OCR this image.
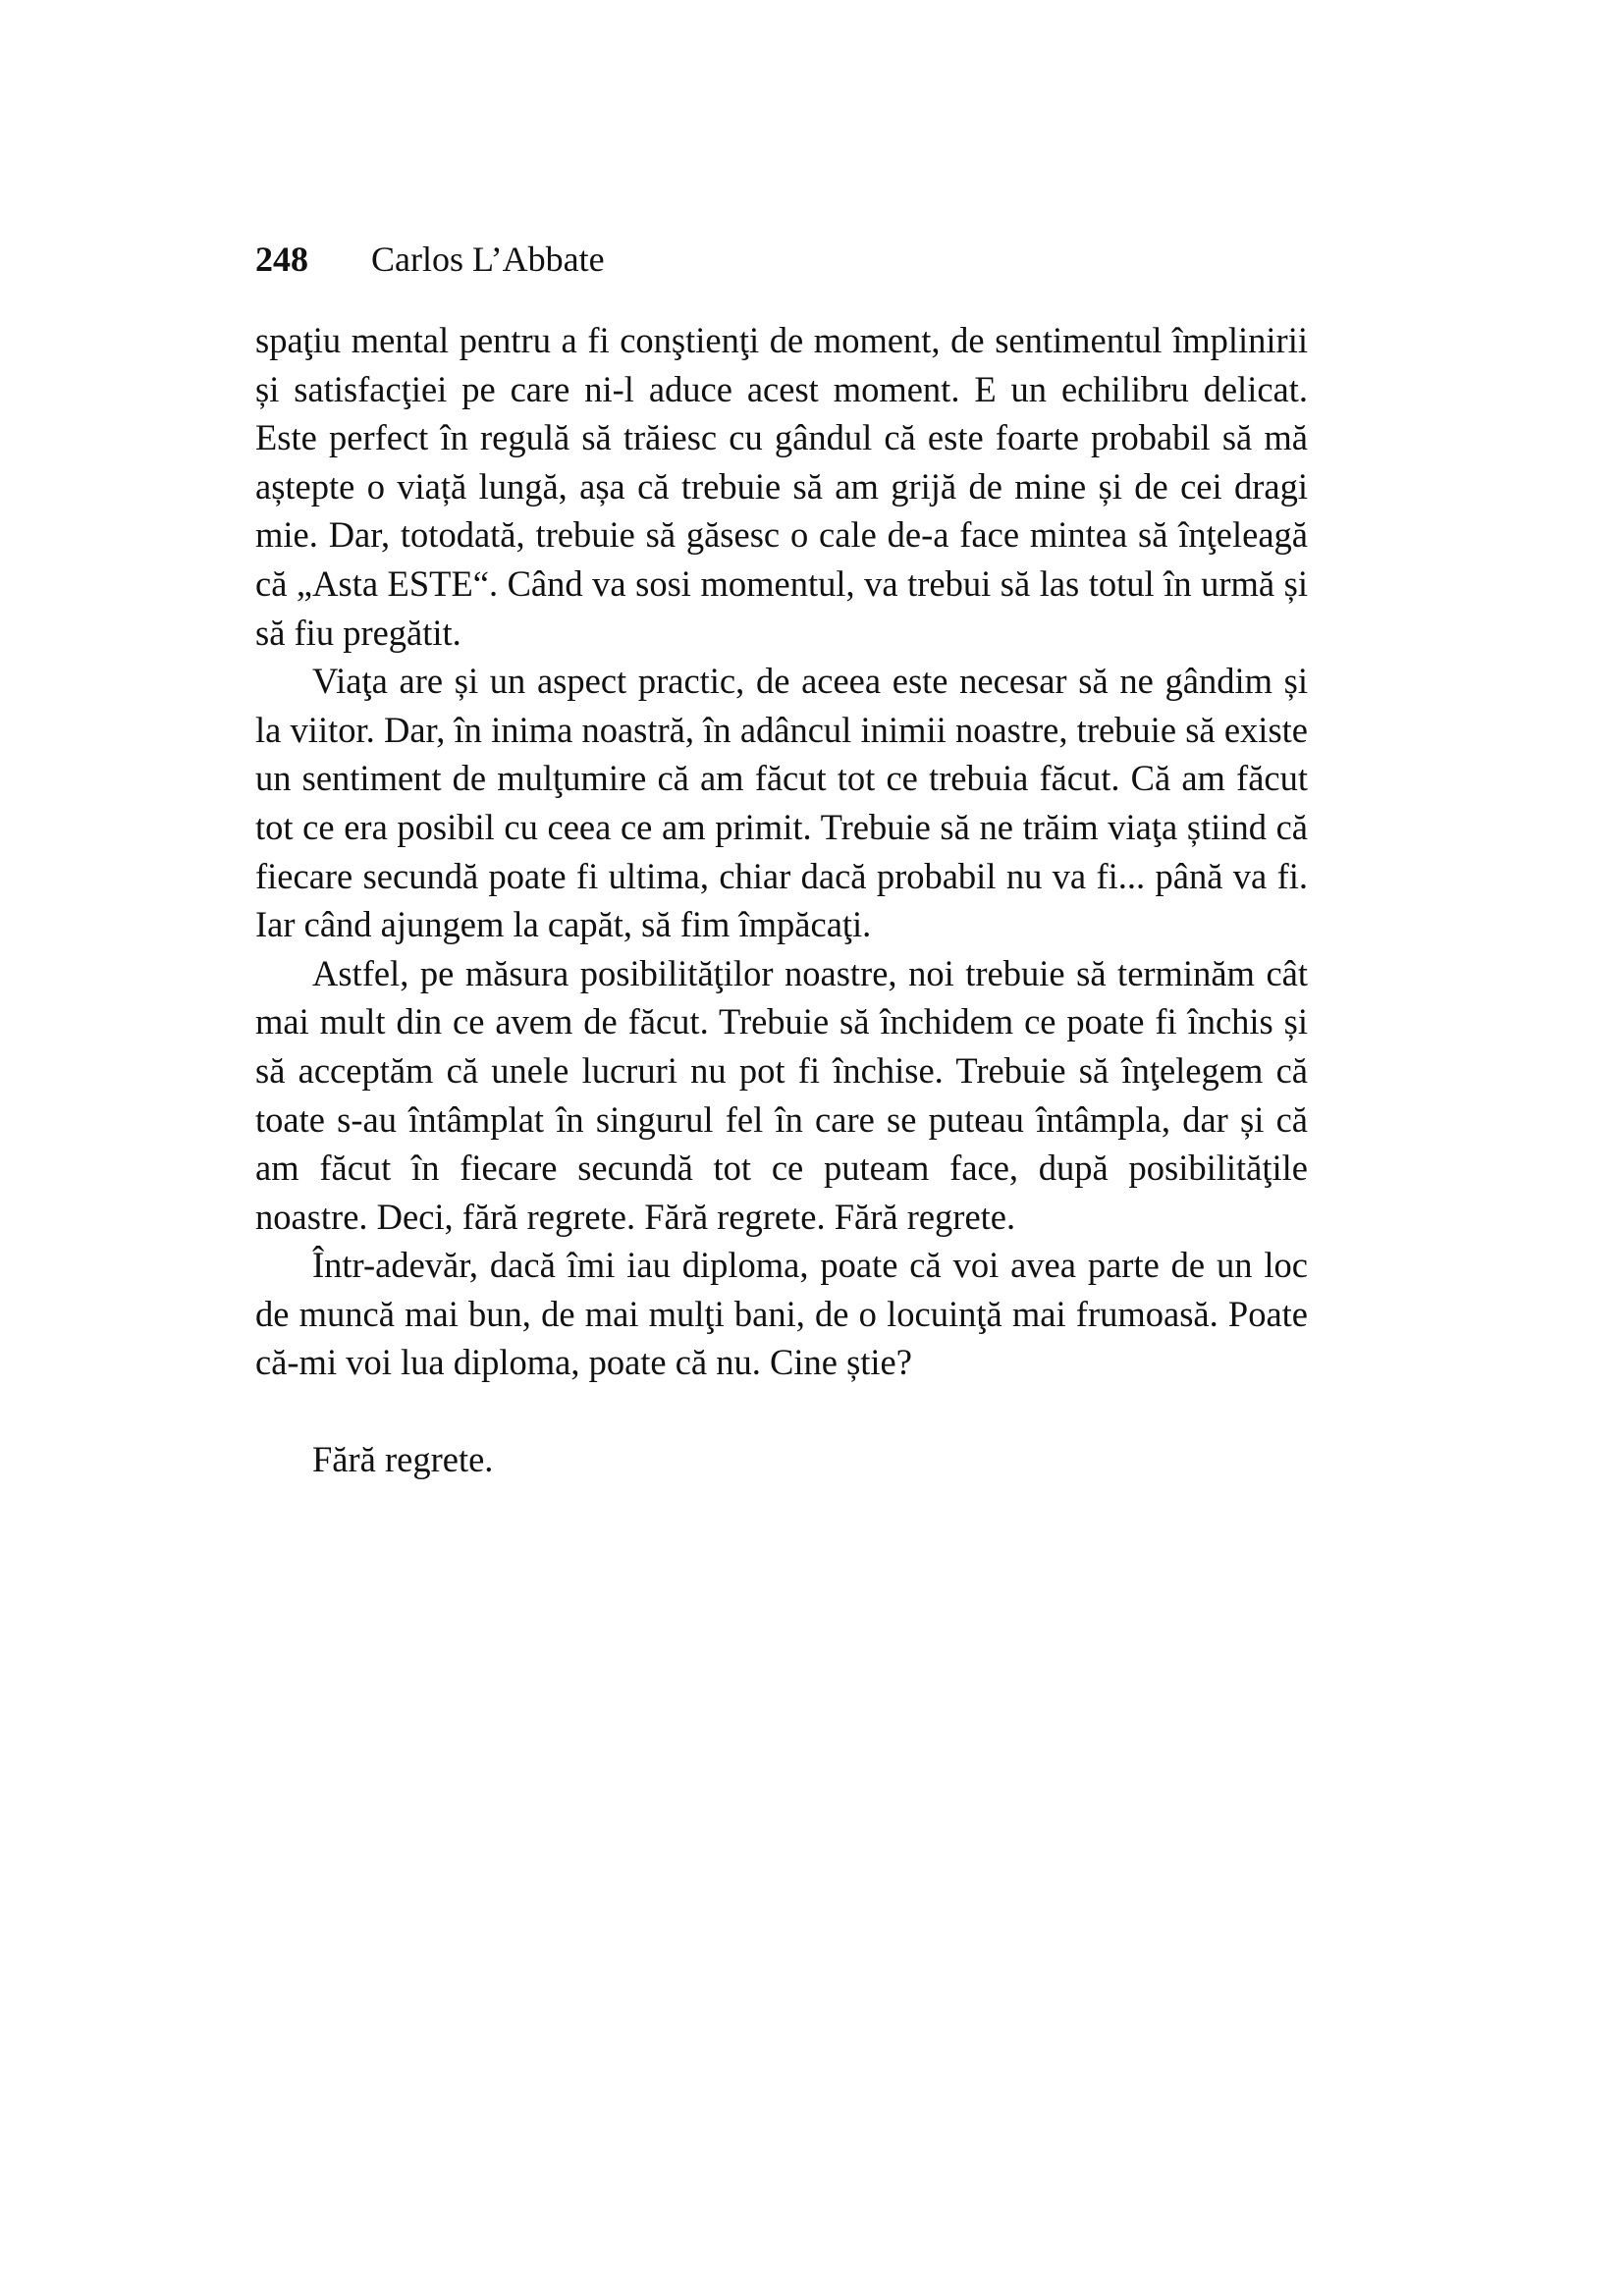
248 Carlos L’Abbate

spaţiu mental pentru a fi conştienţi de moment, de sentimentul împlinirii și satisfacţiei pe care ni-l aduce acest moment. E un echilibru delicat. Este perfect în regulă să trăiesc cu gândul că este foarte probabil să mă aștepte o viață lungă, așa că trebuie să am grijă de mine și de cei dragi mie. Dar, totodată, trebuie să găsesc o cale de-a face mintea să înţeleagă că „Asta ESTE“. Când va sosi momentul, va trebui să las totul în urmă și să fiu pregătit.

Viaţa are și un aspect practic, de aceea este necesar să ne gândim și la viitor. Dar, în inima noastră, în adâncul inimii noastre, trebuie să existe un sentiment de mulţumire că am făcut tot ce trebuia făcut. Că am făcut tot ce era posibil cu ceea ce am primit. Trebuie să ne trăim viaţa știind că fiecare secundă poate fi ultima, chiar dacă probabil nu va fi... până va fi. Iar când ajungem la capăt, să fim împăcaţi.

Astfel, pe măsura posibilităţilor noastre, noi trebuie să terminăm cât mai mult din ce avem de făcut. Trebuie să închidem ce poate fi închis și să acceptăm că unele lucruri nu pot fi închise. Trebuie să înţelegem că toate s-au întâmplat în singurul fel în care se puteau întâmpla, dar și că am făcut în fiecare secundă tot ce puteam face, după posibilităţile noastre. Deci, fără regrete. Fără regrete. Fără regrete.

Într-adevăr, dacă îmi iau diploma, poate că voi avea parte de un loc de muncă mai bun, de mai mulţi bani, de o locuinţă mai frumoasă. Poate că-mi voi lua diploma, poate că nu. Cine știe?

Fără regrete.
